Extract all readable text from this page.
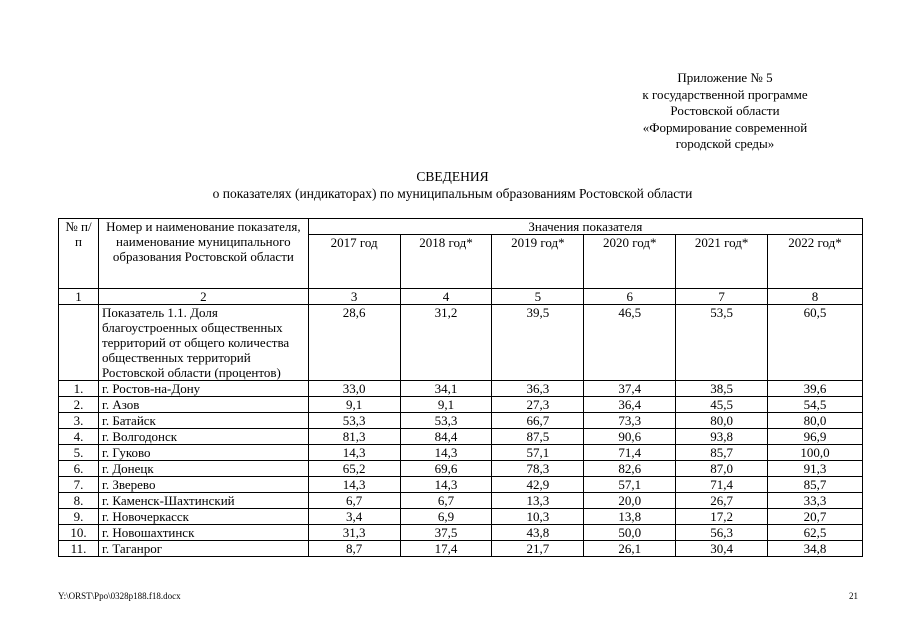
Приложение № 5
к государственной программе
Ростовской области
«Формирование современной
городской среды»
СВЕДЕНИЯ
о показателях (индикаторах) по муниципальным образованиям Ростовской области
№ п/п	Номер и наименование показателя, наименование муниципального образования Ростовской области	Значения показателя					
		2017 год	2018 год*	2019 год*	2020 год*	2021 год*	2022 год*
1	2	3	4	5	6	7	8
	Показатель 1.1. Доля благоустроенных общественных территорий от общего количества общественных территорий Ростовской области (процентов)	28,6	31,2	39,5	46,5	53,5	60,5
1.	г. Ростов-на-Дону	33,0	34,1	36,3	37,4	38,5	39,6
2.	г. Азов	9,1	9,1	27,3	36,4	45,5	54,5
3.	г. Батайск	53,3	53,3	66,7	73,3	80,0	80,0
4.	г. Волгодонск	81,3	84,4	87,5	90,6	93,8	96,9
5.	г. Гуково	14,3	14,3	57,1	71,4	85,7	100,0
6.	г. Донецк	65,2	69,6	78,3	82,6	87,0	91,3
7.	г. Зверево	14,3	14,3	42,9	57,1	71,4	85,7
8.	г. Каменск-Шахтинский	6,7	6,7	13,3	20,0	26,7	33,3
9.	г. Новочеркасск	3,4	6,9	10,3	13,8	17,2	20,7
10.	г. Новошахтинск	31,3	37,5	43,8	50,0	56,3	62,5
11.	г. Таганрог	8,7	17,4	21,7	26,1	30,4	34,8
Y:\ORST\Ppo\0328p188.f18.docx	21
